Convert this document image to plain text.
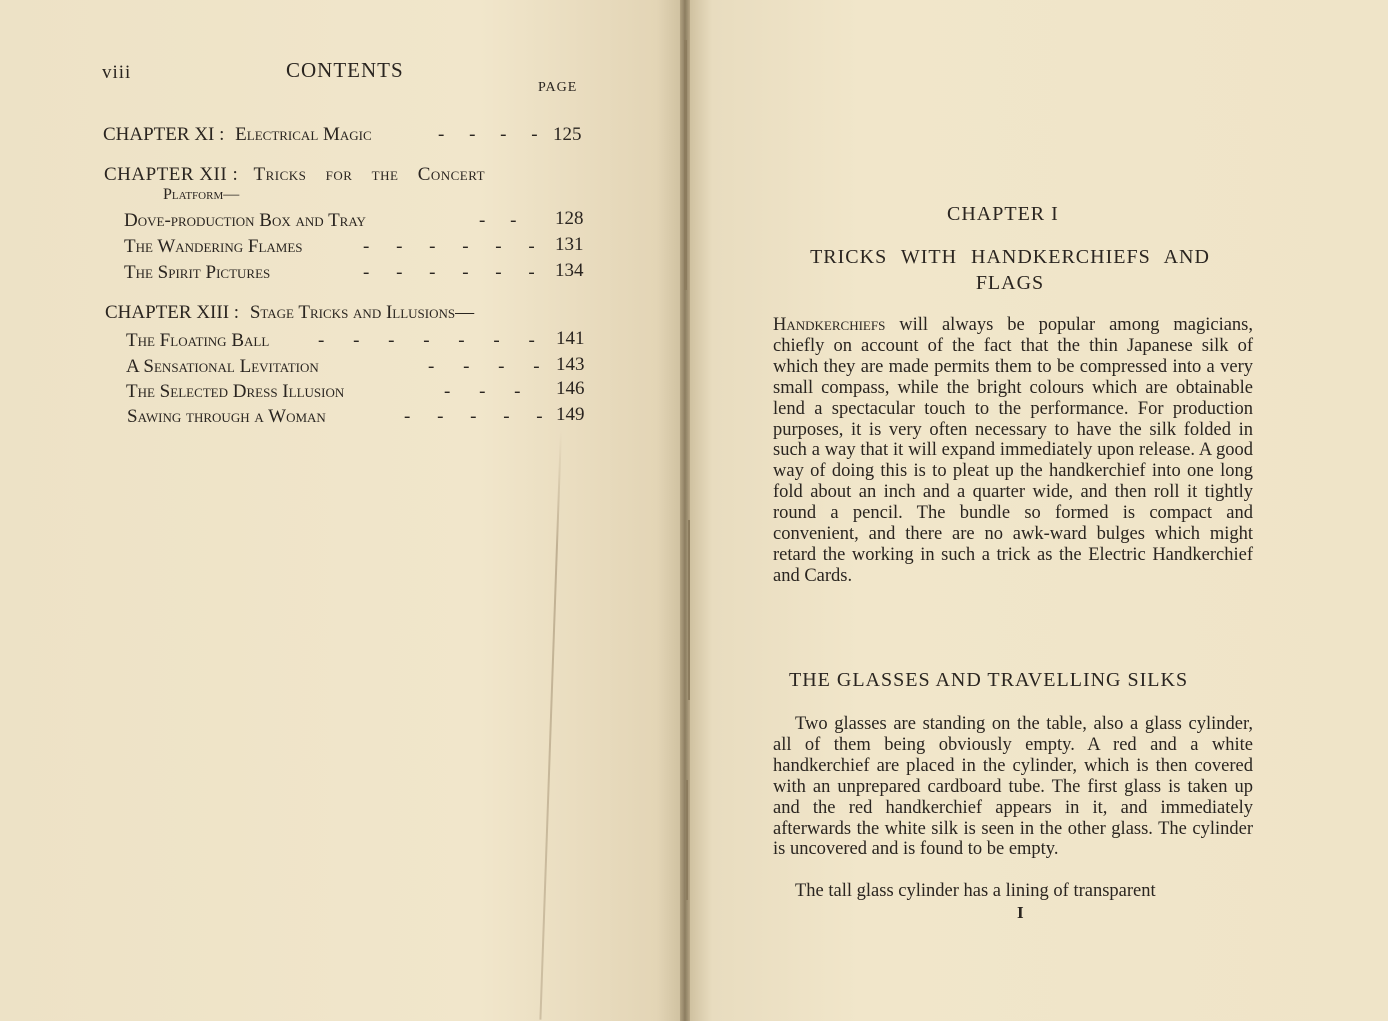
viii	CONTENTS
PAGE
CHAPTER XI : Electrical Magic	- - - - 125
CHAPTER XII : Tricks for the Concert
Platform—
Dove-production Box and Tray	- - 128
The Wandering Flames	- - - - - - 131
The Spirit Pictures	- - - - - - 134
CHAPTER XIII : Stage Tricks and Illusions—
The Floating Ball	- - - - - - - 141
A Sensational Levitation	- - - - 143
The Selected Dress Illusion	- - - 146
Sawing through a Woman	- - - - - 149
CHAPTER I
TRICKS WITH HANDKERCHIEFS AND
FLAGS
Handkerchiefs will always be popular among magicians, chiefly on account of the fact that the thin Japanese silk of which they are made permits them to be compressed into a very small compass, while the bright colours which are obtainable lend a spectacular touch to the performance. For production purposes, it is very often necessary to have the silk folded in such a way that it will expand immediately upon release. A good way of doing this is to pleat up the handkerchief into one long fold about an inch and a quarter wide, and then roll it tightly round a pencil. The bundle so formed is compact and convenient, and there are no awk-ward bulges which might retard the working in such a trick as the Electric Handkerchief and Cards.
THE GLASSES AND TRAVELLING SILKS
Two glasses are standing on the table, also a glass cylinder, all of them being obviously empty. A red and a white handkerchief are placed in the cylinder, which is then covered with an unprepared cardboard tube. The first glass is taken up and the red handkerchief appears in it, and immediately afterwards the white silk is seen in the other glass. The cylinder is uncovered and is found to be empty.
The tall glass cylinder has a lining of transparent
I
